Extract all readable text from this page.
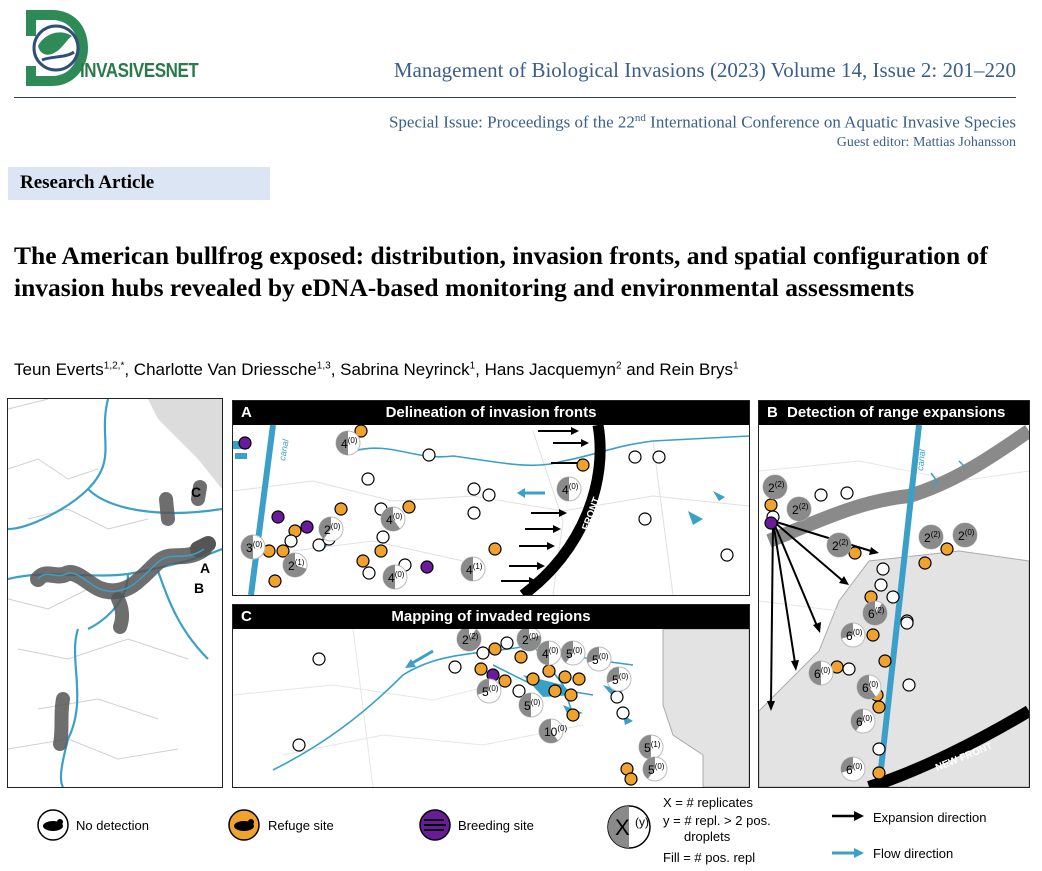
INVASIVESNET	Management of Biological Invasions (2023) Volume 14, Issue 2: 201–220
Special Issue: Proceedings of the 22nd International Conference on Aquatic Invasive Species
Guest editor: Mattias Johansson
Research Article
The American bullfrog exposed: distribution, invasion fronts, and spatial configuration of invasion hubs revealed by eDNA-based monitoring and environmental assessments
Teun Everts$^{1,2,*}$, Charlotte Van Driessche$^{1,3}$, Sabrina Neyrinck$^1$, Hans Jacquemyn$^2$ and Rein Brys$^1$
C
A
B
A	Delineation of invasion fronts
canal
FRONT
4$^{(0)}$
2$^{(0)}$	4$^{(0)}$
3$^{(0)}$
2$^{(1)}$
4$^{(0)}$	4$^{(1)}$
4$^{(0)}$
C	Mapping of invaded regions
2$^{(2)}$	2$^{(0)}$
4$^{(0)}$ 5$^{(0)}$
5$^{(0)}$
5$^{(0)}$
5$^{(0)}$
5$^{(0)}$
10$^{(0)}$
5$^{(1)}$
5$^{(0)}$
B Detection of range expansions
OLD FRONT
canal
NEW FRONT
2$^{(2)}$
2$^{(2)}$
2$^{(2)}$	2$^{(2)}$ 2$^{(0)}$
6$^{(2)}$
6$^{(0)}$
6$^{(0)}$
6$^{(0)}$
6$^{(0)}$
6$^{(0)}$
No detection	Refuge site	Breeding site	X (y)
X = # replicates
y = # repl. > 2 pos.
droplets
Fill = # pos. repl
Expansion direction
Flow direction
